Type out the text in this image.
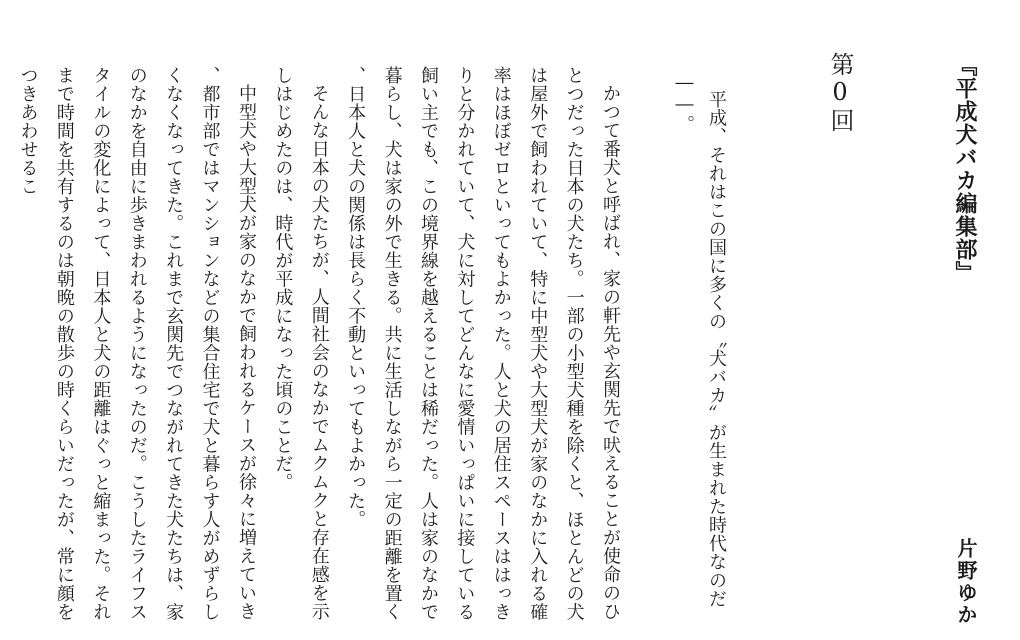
『平成犬バカ編集部』
片野ゆか
第0回

平成、それはこの国に多くの〝犬バカ〟が生まれた時代なのだ――。

かつて番犬と呼ばれ、家の軒先や玄関先で吠えることが使命のひとつだった日本の犬たち。一部の小型犬種を除くと、ほとんどの犬は屋外で飼われていて、特に中型犬や大型犬が家のなかに入れる確率はほぼゼロといってもよかった。人と犬の居住スペースははっきりと分かれていて、犬に対してどんなに愛情いっぱいに接している飼い主でも、この境界線を越えることは稀だった。人は家のなかで暮らし、犬は家の外で生きる。共に生活しながら一定の距離を置く、日本人と犬の関係は長らく不動といってもよかった。

そんな日本の犬たちが、人間社会のなかでムクムクと存在感を示しはじめたのは、時代が平成になった頃のことだ。

中型犬や大型犬が家のなかで飼われるケースが徐々に増えていき、都市部ではマンションなどの集合住宅で犬と暮らす人がめずらしくなくなってきた。これまで玄関先でつながれてきた犬たちは、家のなかを自由に歩きまわれるようになったのだ。こうしたライフスタイルの変化によって、日本人と犬の距離はぐっと縮まった。それまで時間を共有するのは朝晩の散歩の時くらいだったが、常に顔をつきあわせるこ
